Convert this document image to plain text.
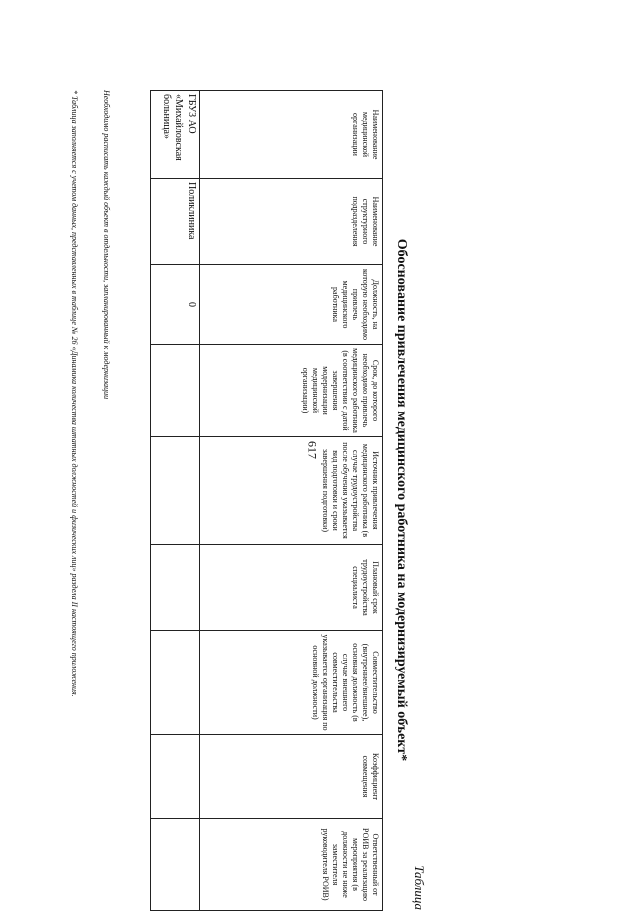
617
Таблица
Обоснование привлечения медицинского работника на модернизируемый объект*
Наименование медицинской организации	Наименование структурного подразделения	Должность, на которую необходимо привлечь медицинского работника	Срок, до которого необходимо привлечь медицинского работника (в соответствии с датой завершения модернизации медицинской организации)	Источник привлечения медицинского работника (в случае трудоустройства после обучения указывается вид подготовки и сроки завершения подготовки)	Плановый срок трудоустройства специалиста	Совместительство (внутреннее/внешнее), основная должность (в случае внешнего совместительства указывается организация по основной должности)	Коэффициент совмещения	Ответственный от РОИВ за реализацию мероприятия (в должности не ниже заместителя руководителя РОИВ)
ГБУЗ АО «Михайловская больница»	Поликлиника	0						
Необходимо расписать каждый объект в отдельности, запланированный к модернизации
* Таблица заполняется с учетом данных, представленных в таблице № 26 «Динамика количества штатных должностей и физических лиц» раздела II настоящего приложения.
